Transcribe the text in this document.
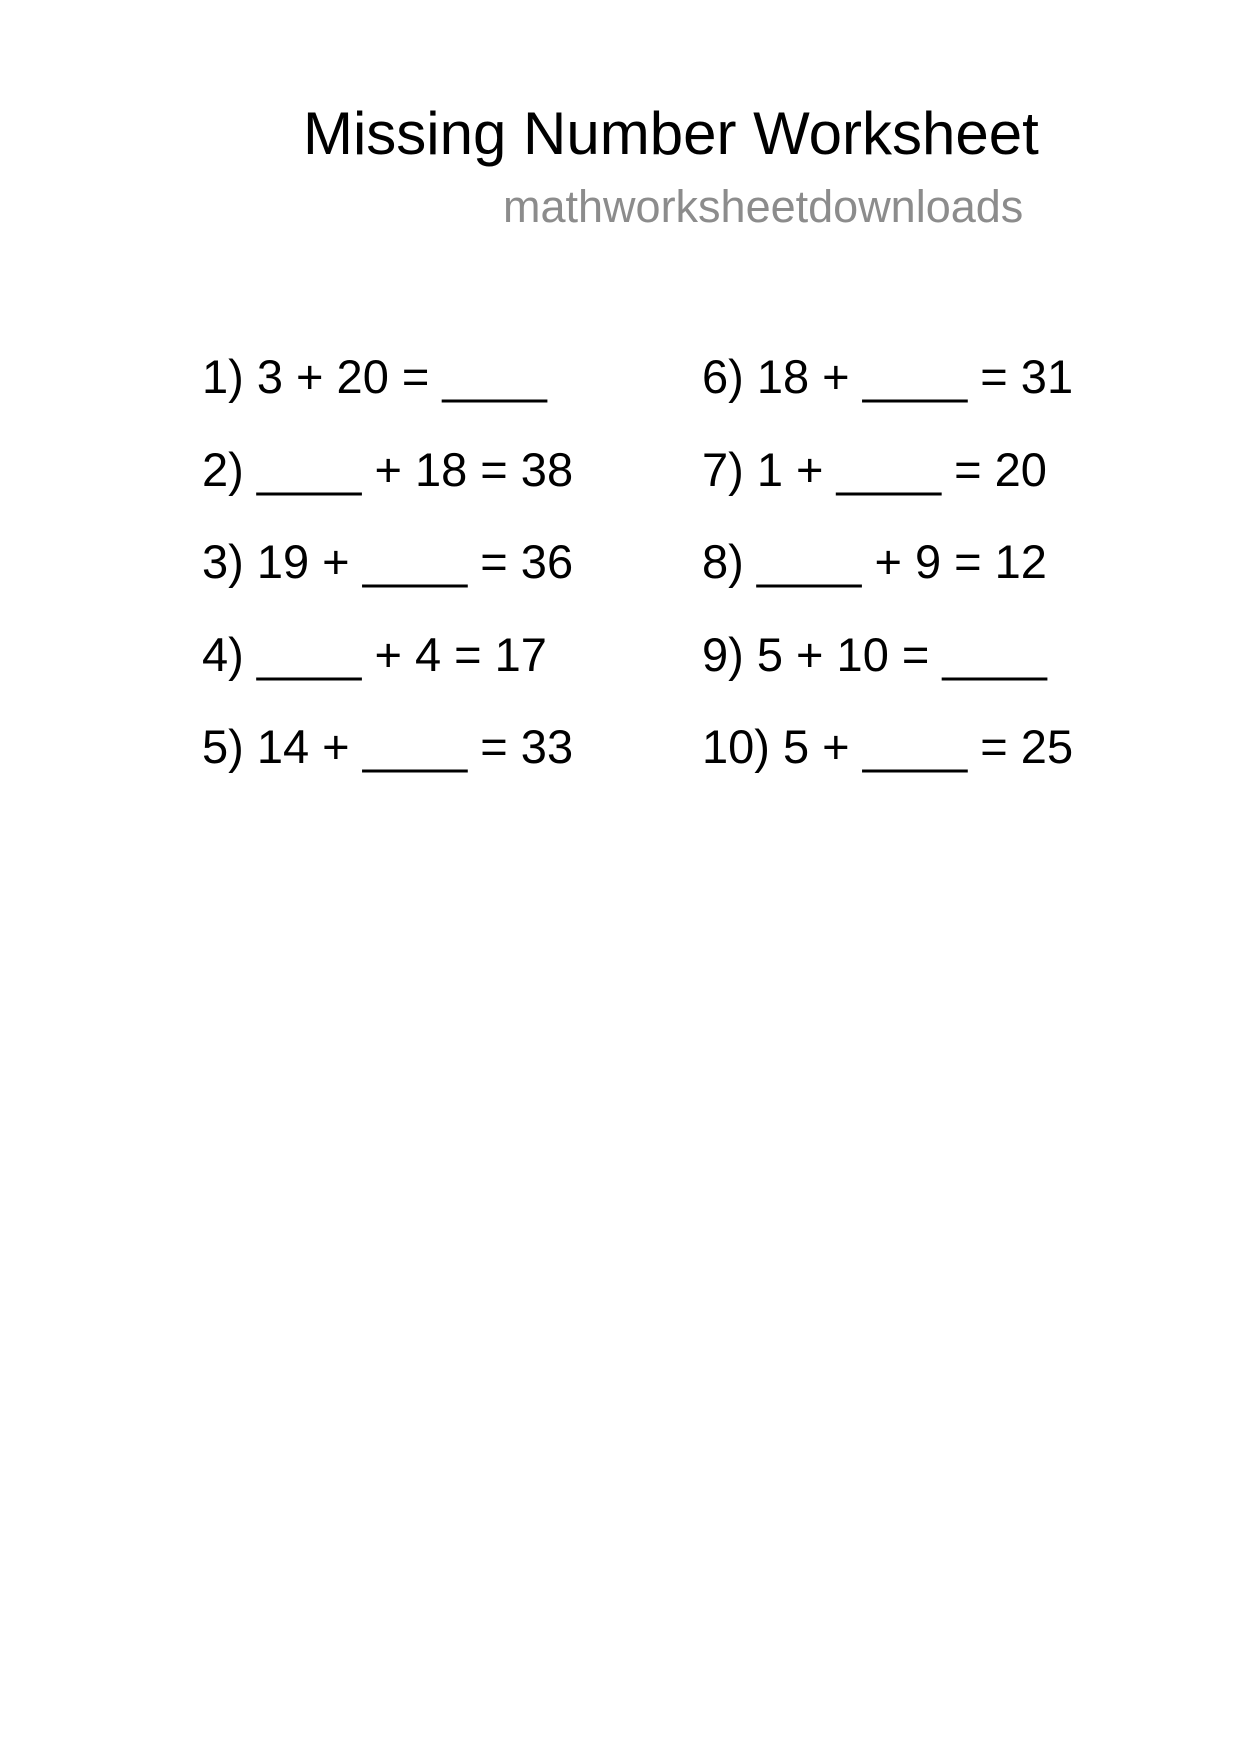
Missing Number Worksheet
mathworksheetdownloads
1) 3 + 20 = ____
2) ____ + 18 = 38
3) 19 + ____ = 36
4) ____ + 4 = 17
5) 14 + ____ = 33
6) 18 + ____ = 31
7) 1 + ____ = 20
8) ____ + 9 = 12
9) 5 + 10 = ____
10) 5 + ____ = 25
